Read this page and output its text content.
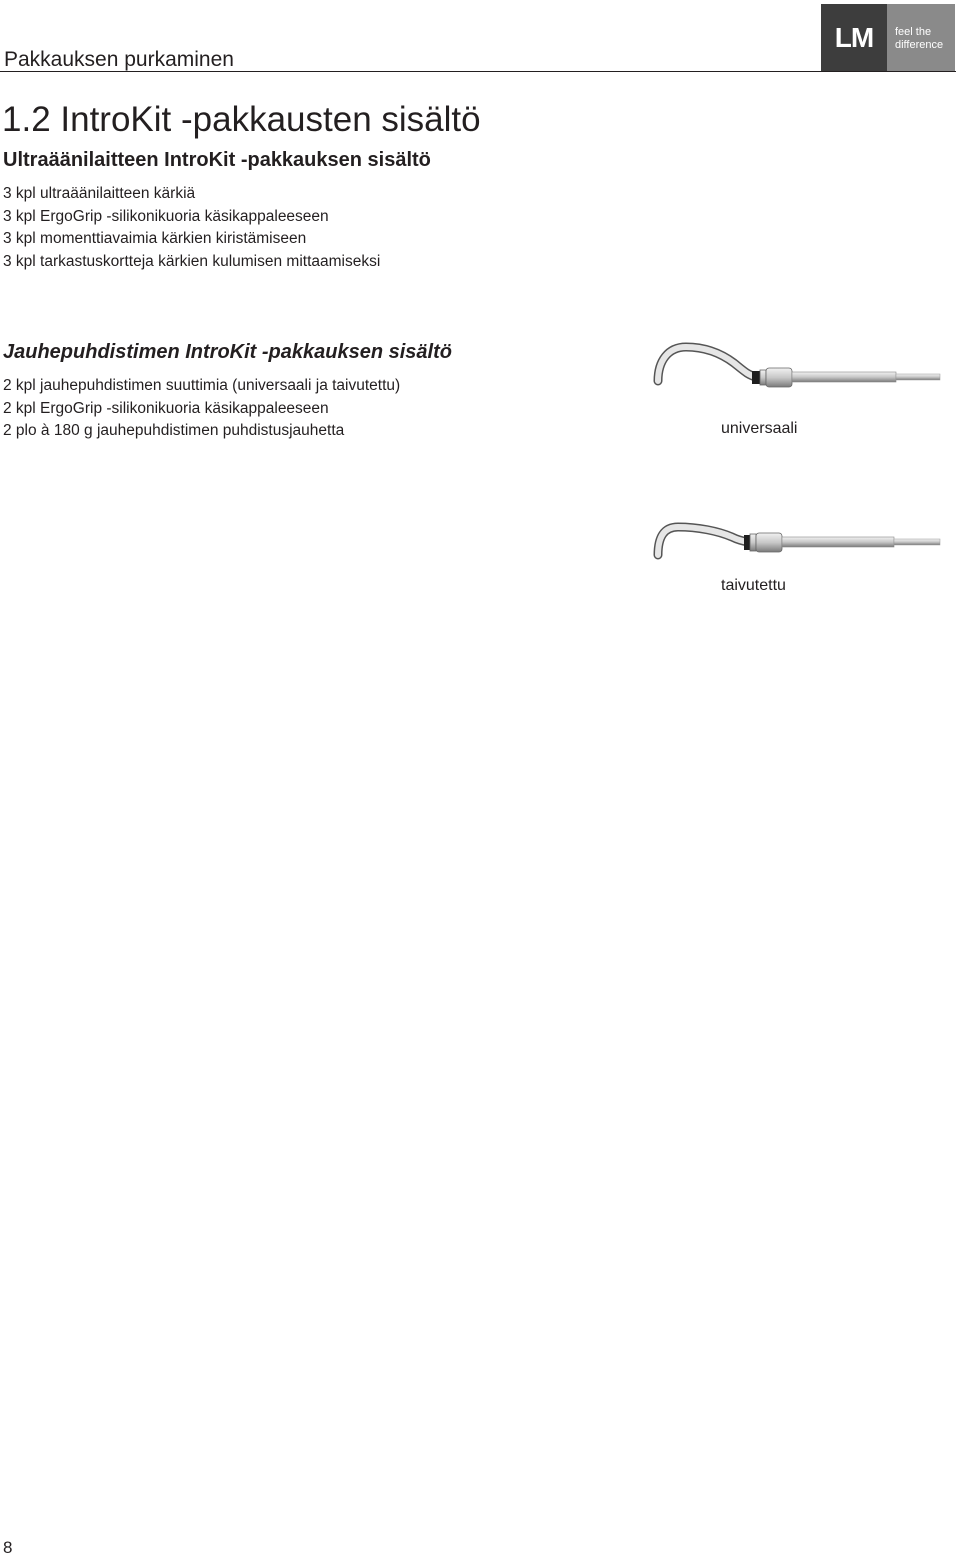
Pakkauksen purkaminen
LM	feel the
difference
1.2 IntroKit -pakkausten sisältö
Ultraäänilaitteen IntroKit -pakkauksen sisältö
3 kpl ultraäänilaitteen kärkiä
3 kpl ErgoGrip -silikonikuoria käsikappaleeseen
3 kpl momenttiavaimia kärkien kiristämiseen
3 kpl tarkastuskortteja kärkien kulumisen mittaamiseksi
Jauhepuhdistimen IntroKit -pakkauksen sisältö
2 kpl jauhepuhdistimen suuttimia (universaali ja taivutettu)
2 kpl ErgoGrip -silikonikuoria käsikappaleeseen
2 plo à 180 g jauhepuhdistimen puhdistusjauhetta	universaali
taivutettu
8
